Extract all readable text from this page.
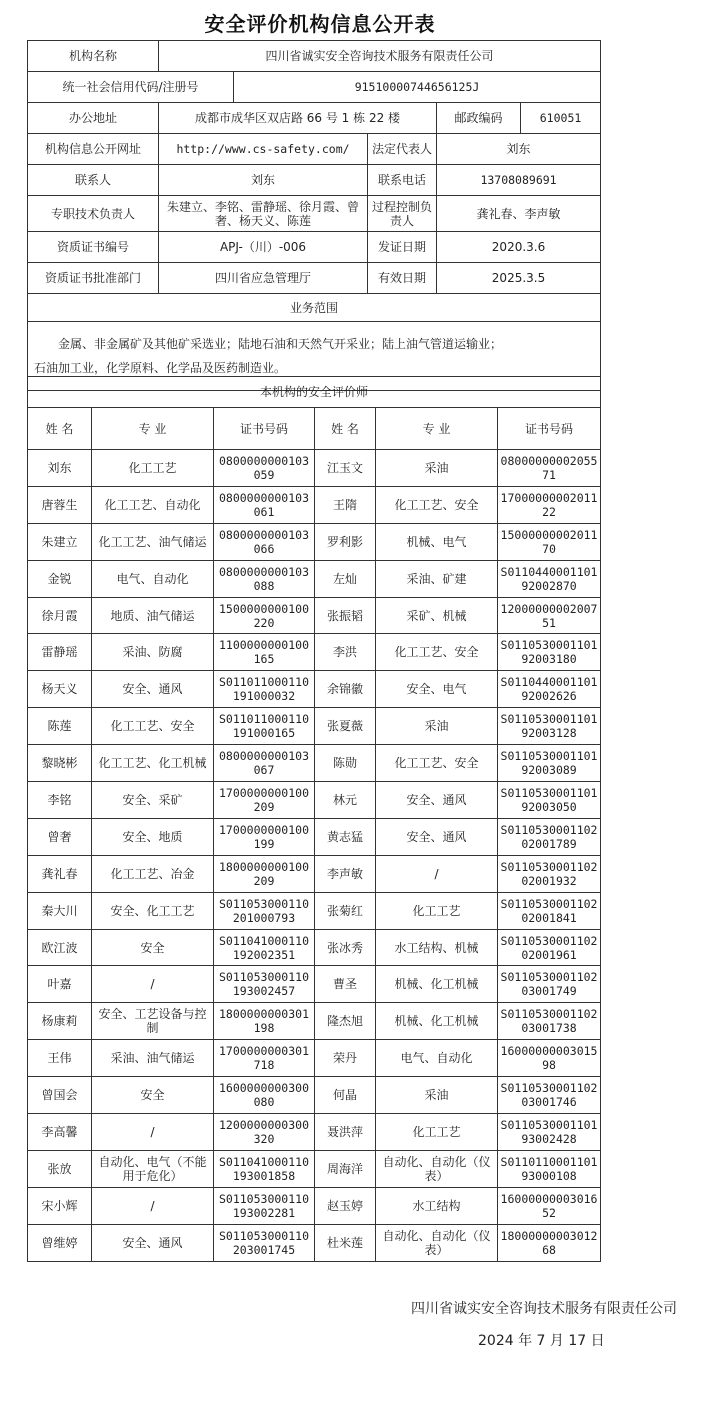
安全评价机构信息公开表
机构名称	四川省诚实安全咨询技术服务有限责任公司				
统一社会信用代码/注册号		91510000744656125J			
办公地址	成都市成华区双店路 66 号 1 栋 22 楼			邮政编码	610051
机构信息公开网址	http://www.cs-safety.com/		法定代表人	刘东	
联系人	刘东		联系电话	13708089691	
专职技术负责人	朱建立、李铭、雷静瑶、徐月霞、曾奢、杨天义、陈莲		过程控制负责人	龚礼春、李声敏	
资质证书编号	APJ-（川）-006		发证日期	2020.3.6	
资质证书批准部门	四川省应急管理厅		有效日期	2025.3.5	
业务范围					

金属、非金属矿及其他矿采选业；陆地石油和天然气开采业；陆上油气管道运输业；
石油加工业，化学原料、化学品及医药制造业。					
本机构的安全评价师					
姓 名	专 业	证书号码	姓 名	专 业	证书号码
刘东	化工工艺	0800000000103059	江玉文	采油	0800000000205571
唐蓉生	化工工艺、自动化	0800000000103061	王隋	化工工艺、安全	1700000000201122
朱建立	化工工艺、油气储运	0800000000103066	罗利影	机械、电气	1500000000201170
金锐	电气、自动化	0800000000103088	左灿	采油、矿建	S011044000110192002870
徐月霞	地质、油气储运	1500000000100220	张振韬	采矿、机械	1200000000200751
雷静瑶	采油、防腐	1100000000100165	李洪	化工工艺、安全	S011053000110192003180
杨天义	安全、通风	S011011000110191000032	余锦徽	安全、电气	S011044000110192002626
陈莲	化工工艺、安全	S011011000110191000165	张夏薇	采油	S011053000110192003128
黎晓彬	化工工艺、化工机械	0800000000103067	陈勋	化工工艺、安全	S011053000110192003089
李铭	安全、采矿	1700000000100209	林元	安全、通风	S011053000110192003050
曾奢	安全、地质	1700000000100199	黄志猛	安全、通风	S011053000110202001789
龚礼春	化工工艺、冶金	1800000000100209	李声敏	/	S011053000110202001932
秦大川	安全、化工工艺	S011053000110201000793	张菊红	化工工艺	S011053000110202001841
欧江波	安全	S011041000110192002351	张冰秀	水工结构、机械	S011053000110202001961
叶嘉	/	S011053000110193002457	曹圣	机械、化工机械	S011053000110203001749
杨康莉	安全、工艺设备与控制	1800000000301198	隆杰旭	机械、化工机械	S011053000110203001738
王伟	采油、油气储运	1700000000301718	荣丹	电气、自动化	1600000000301598
曾国会	安全	1600000000300080	何晶	采油	S011053000110203001746
李高馨	/	1200000000300320	聂洪萍	化工工艺	S011053000110193002428
张放	自动化、电气（不能用于危化）	S011041000110193001858	周海洋	自动化、自动化（仪表）	S011011000110193000108
宋小辉	/	S011053000110193002281	赵玉婷	水工结构	1600000000301652
曾维婷	安全、通风	S011053000110203001745	杜米莲	自动化、自动化（仪表）	1800000000301268
四川省诚实安全咨询技术服务有限责任公司
2024 年 7 月 17 日
